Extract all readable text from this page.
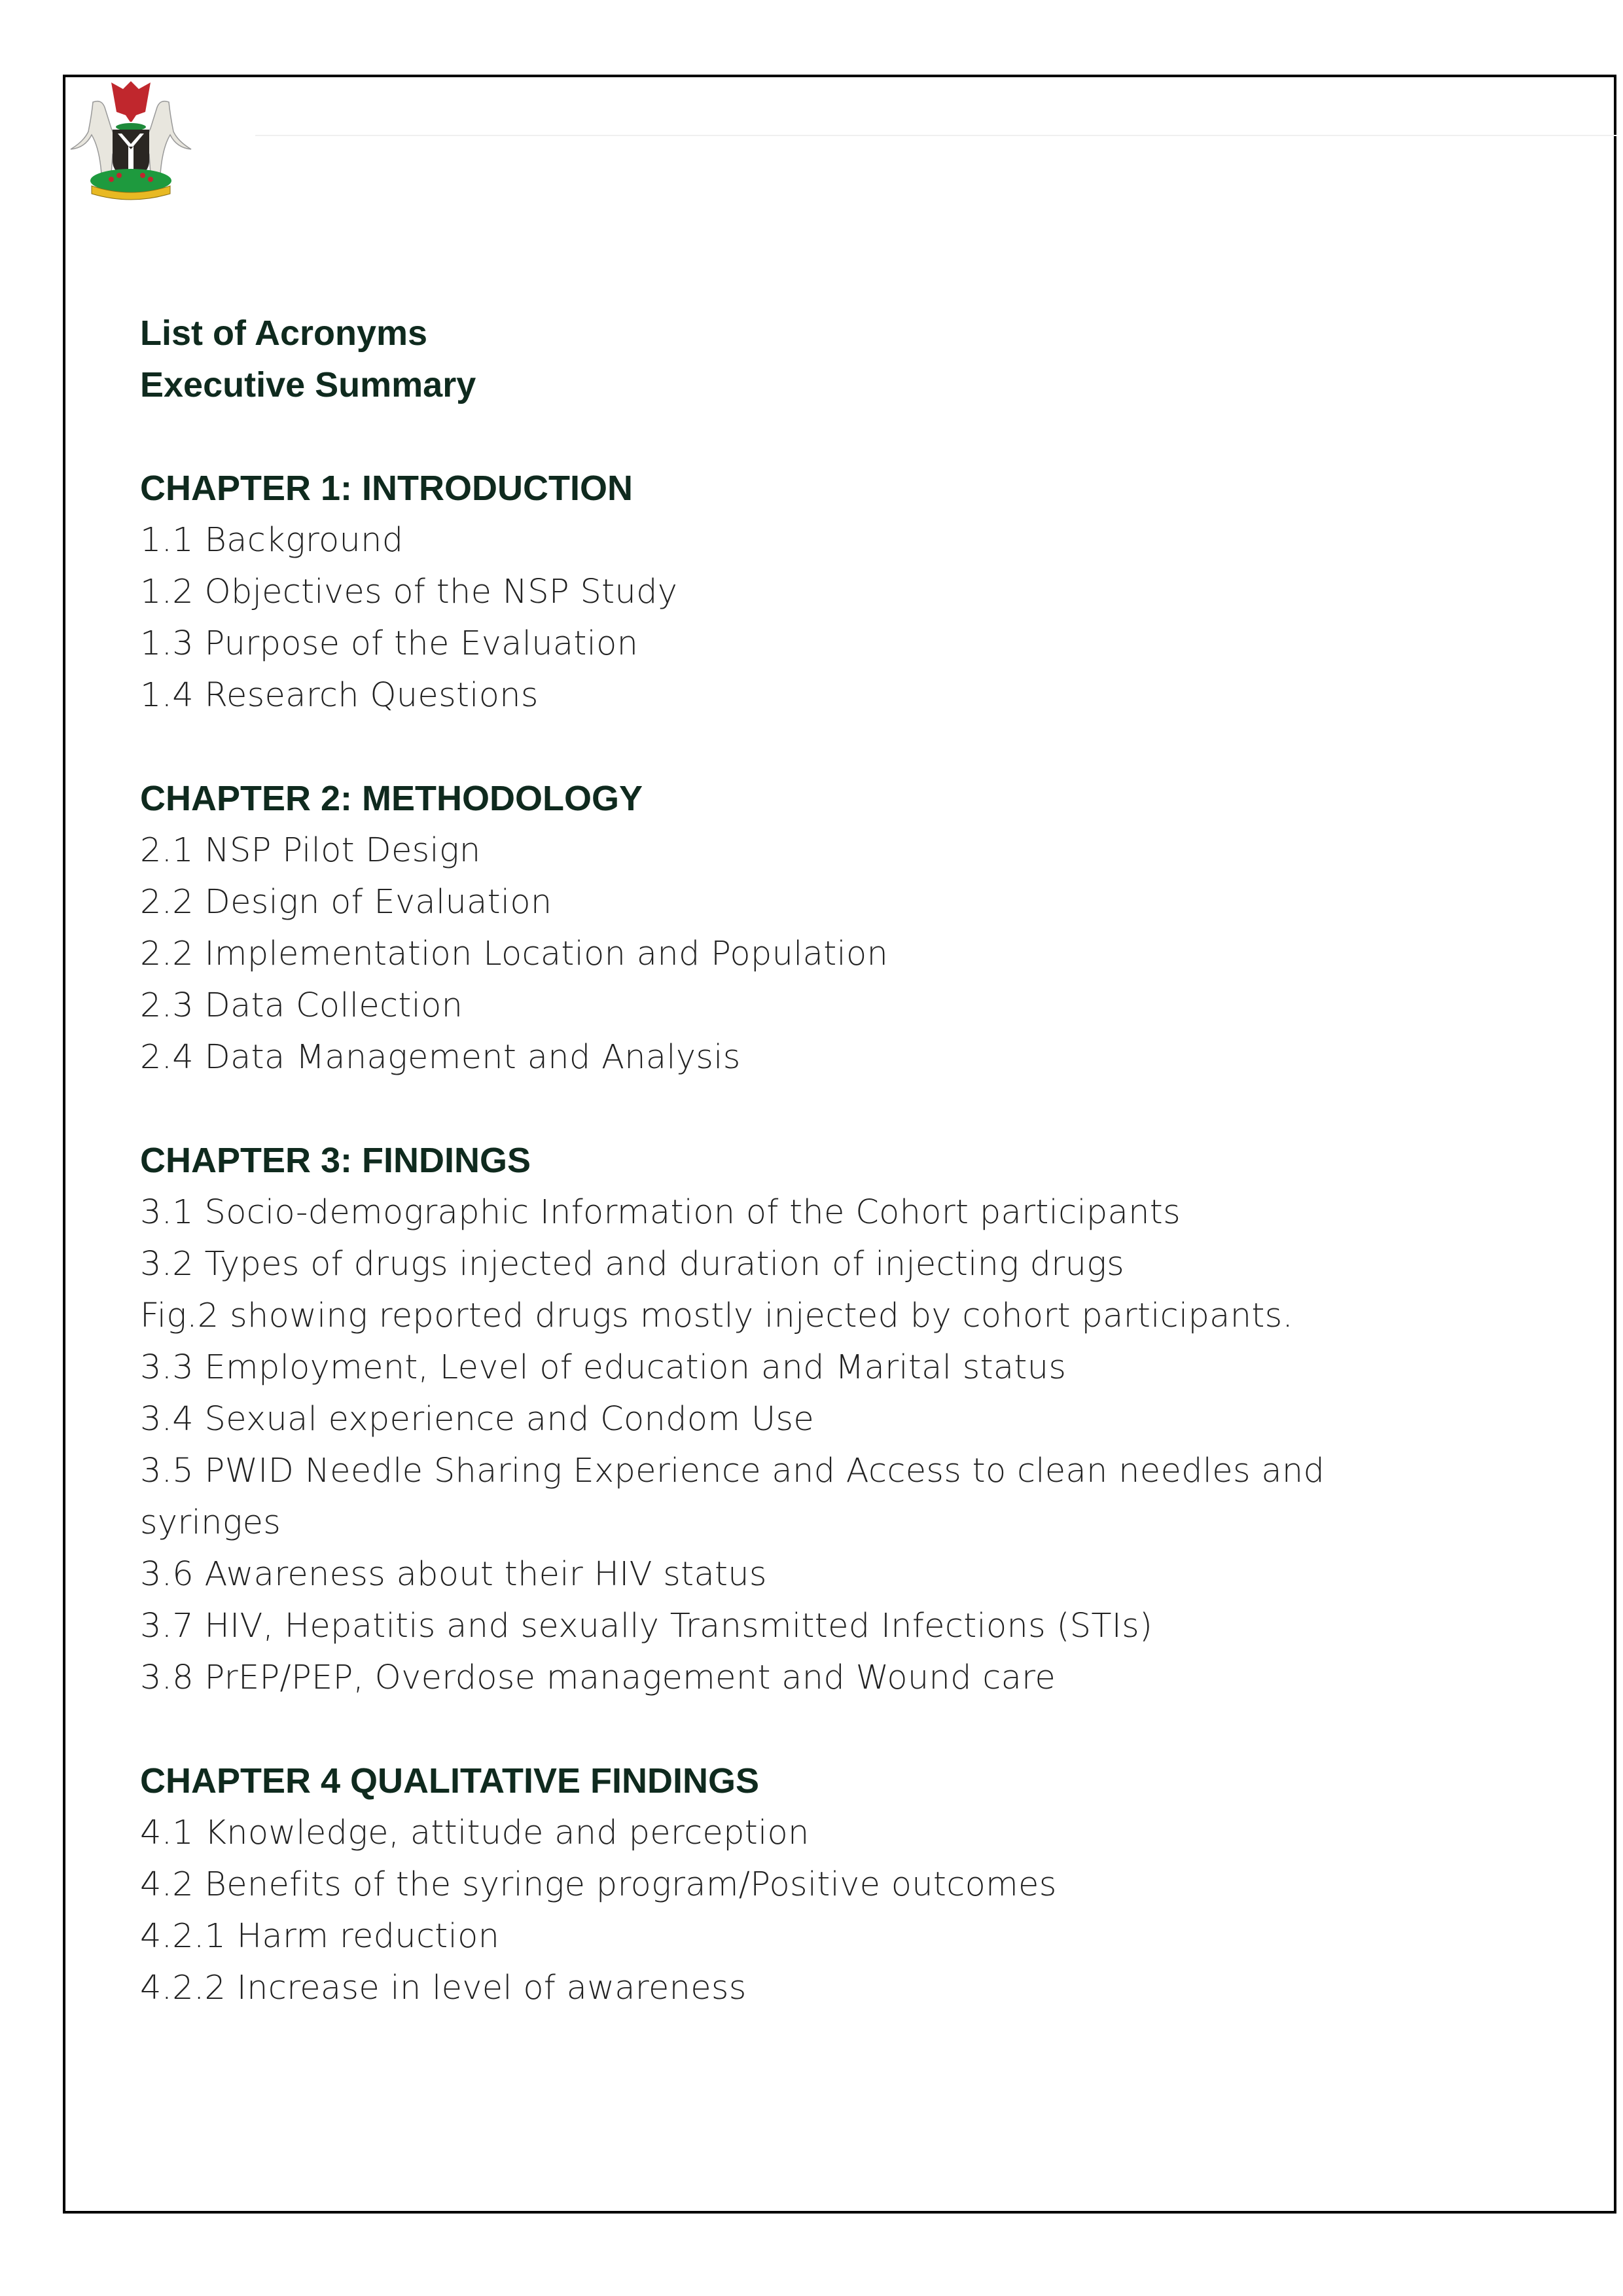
List of Acronyms
Executive Summary
CHAPTER 1: INTRODUCTION
1.1 Background
1.2 Objectives of the NSP Study
1.3 Purpose of the Evaluation
1.4 Research Questions
CHAPTER 2: METHODOLOGY
2.1 NSP Pilot Design
2.2 Design of Evaluation
2.2 Implementation Location and Population
2.3 Data Collection
2.4 Data Management and Analysis
CHAPTER 3: FINDINGS
3.1 Socio-demographic Information of the Cohort participants
3.2 Types of drugs injected and duration of injecting drugs
Fig.2 showing reported drugs mostly injected by cohort participants.
3.3 Employment, Level of education and Marital status
3.4 Sexual experience and Condom Use
3.5 PWID Needle Sharing Experience and Access to clean needles and
syringes
3.6 Awareness about their HIV status
3.7 HIV, Hepatitis and sexually Transmitted Infections (STIs)
3.8 PrEP/PEP, Overdose management and Wound care
CHAPTER 4 QUALITATIVE FINDINGS
4.1 Knowledge, attitude and perception
4.2 Benefits of the syringe program/Positive outcomes
4.2.1 Harm reduction
4.2.2 Increase in level of awareness
